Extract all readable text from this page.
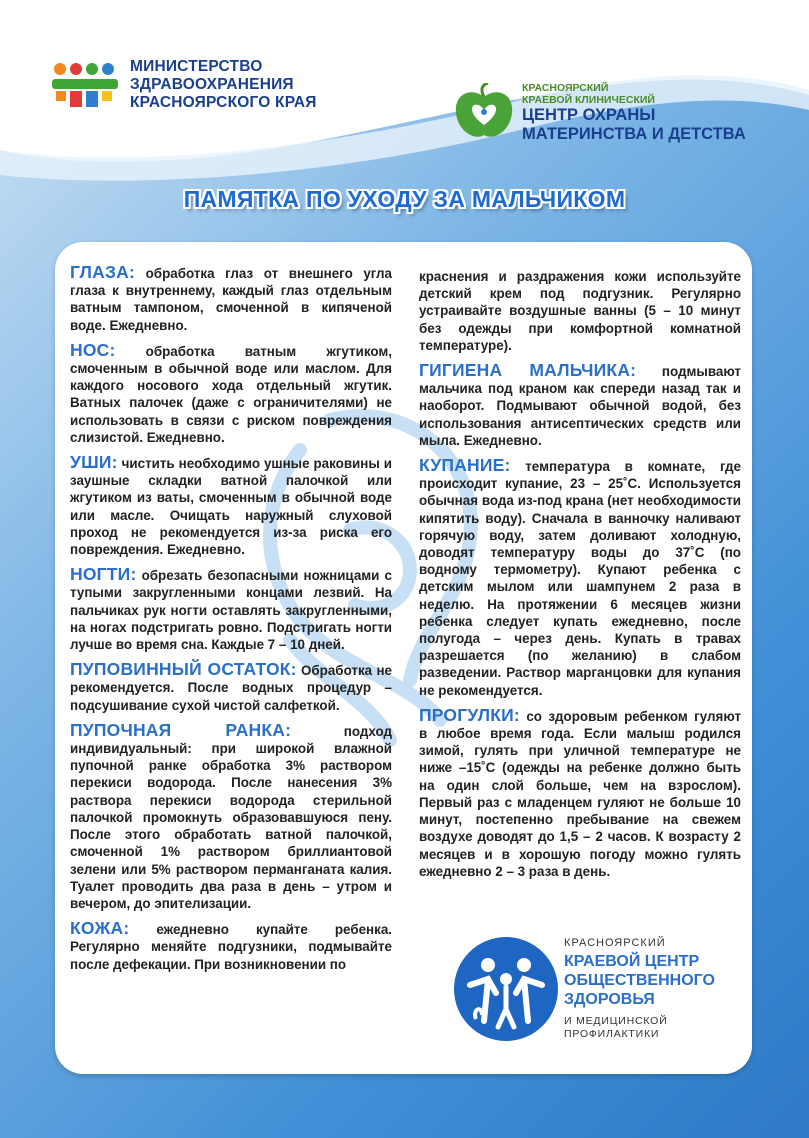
МИНИСТЕРСТВО
ЗДРАВООХРАНЕНИЯ
КРАСНОЯРСКОГО КРАЯ
КРАСНОЯРСКИЙ
КРАЕВОЙ КЛИНИЧЕСКИЙ
ЦЕНТР ОХРАНЫ
МАТЕРИНСТВА И ДЕТСТВА
ПАМЯТКА ПО УХОДУ ЗА МАЛЬЧИКОМ

ГЛАЗА: обработка глаз от внешнего угла глаза к внутреннему, каждый глаз отдельным ватным тампоном, смоченной в кипяченой воде. Ежедневно.

НОС: обработка ватным жгутиком, смоченным в обычной воде или маслом. Для каждого носового хода отдельный жгутик. Ватных палочек (даже с ограничителями) не использовать в связи с риском повреждения слизистой. Ежедневно.

УШИ: чистить необходимо ушные раковины и заушные складки ватной палочкой или жгутиком из ваты, смоченным в обычной воде или масле. Очищать наружный слуховой проход не рекомендуется из-за риска его повреждения. Ежедневно.

НОГТИ: обрезать безопасными ножницами с тупыми закругленными концами лезвий. На пальчиках рук ногти оставлять закругленными, на ногах подстригать ровно. Подстригать ногти лучше во время сна. Каждые 7 – 10 дней.

ПУПОВИННЫЙ ОСТАТОК: Обработка не рекомендуется. После водных процедур – подсушивание сухой чистой салфеткой.

ПУПОЧНАЯ РАНКА: подход индивидуальный: при широкой влажной пупочной ранке обработка 3% раствором перекиси водорода. После нанесения 3% раствора перекиси водорода стерильной палочкой промокнуть образовавшуюся пену. После этого обработать ватной палочкой, смоченной 1% раствором бриллиантовой зелени или 5% раствором перманганата калия. Туалет проводить два раза в день – утром и вечером, до эпителизации.

КОЖА: ежедневно купайте ребенка. Регулярно меняйте подгузники, подмывайте после дефекации. При возникновении по

краснения и раздражения кожи используйте детский крем под подгузник. Регулярно устраивайте воздушные ванны (5 – 10 минут без одежды при комфортной комнатной температуре).

ГИГИЕНА МАЛЬЧИКА: подмывают мальчика под краном как спереди назад так и наоборот. Подмывают обычной водой, без использования антисептических средств или мыла. Ежедневно.

КУПАНИЕ: температура в комнате, где происходит купание, 23 – 25˚С. Используется обычная вода из-под крана (нет необходимости кипятить воду). Сначала в ванночку наливают горячую воду, затем доливают холодную, доводят температуру воды до 37˚С (по водному термометру). Купают ребенка с детским мылом или шампунем 2 раза в неделю. На протяжении 6 месяцев жизни ребенка следует купать ежедневно, после полугода – через день. Купать в травах разрешается (по желанию) в слабом разведении. Раствор марганцовки для купания не рекомендуется.

ПРОГУЛКИ: со здоровым ребенком гуляют в любое время года. Если малыш родился зимой, гулять при уличной температуре не ниже –15˚С (одежды на ребенке должно быть на один слой больше, чем на взрослом). Первый раз с младенцем гуляют не больше 10 минут, постепенно пребывание на свежем воздухе доводят до 1,5 – 2 часов. К возрасту 2 месяцев и в хорошую погоду можно гулять ежедневно 2 – 3 раза в день.

КРАСНОЯРСКИЙ
КРАЕВОЙ ЦЕНТР
ОБЩЕСТВЕННОГО
ЗДОРОВЬЯ
И МЕДИЦИНСКОЙ
ПРОФИЛАКТИКИ
